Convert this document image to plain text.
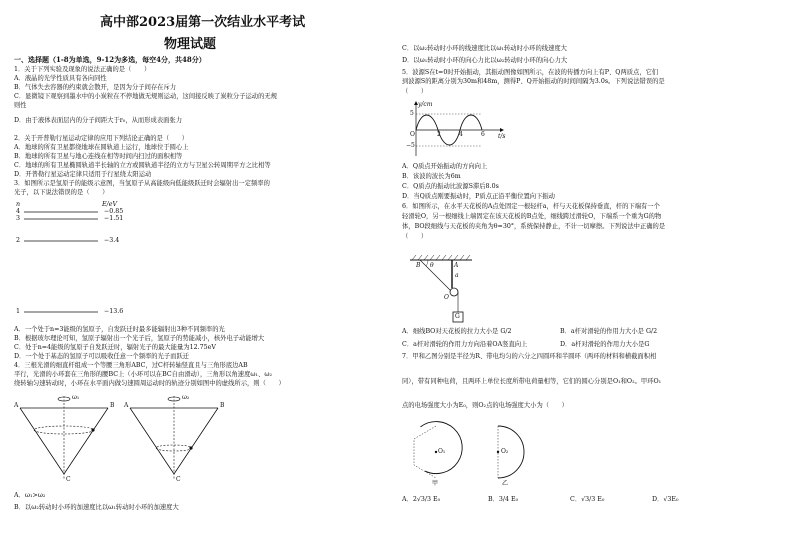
高中部2023届第一次结业水平考试
物理试题
一、选择题（1-8为单选，9-12为多选，每空4分，共48分）
1．关于下列实验及现象的说法正确的是（　　）
A．液晶的光学性质具有各向同性
B．气体失去容器的约束就会散开，是因为分子间存在斥力
C．显微镜下观察到墨水中的小炭粒在不停地做无规则运动，这间接反映了炭粒分子运动的无规
则性
D．由于液体表面层内的分子间距大于r₀，从而形成表面张力
2．关于开普勒行星运动定律的应用下列结论正确的是（　　）
A．地球的所有卫星都绕地球在圆轨道上运行，地球位于圆心上
B．地球的所有卫星与地心连线在相等时间内扫过的面积相等
C．地球的所有卫星椭圆轨道半长轴的立方或圆轨道半径的立方与卫星公转周期平方之比相等
D．开普勒行星运动定律只适用于行星绕太阳运动
3．如图所示是氢原子的能级示意图，当氢原子从高能级向低能级跃迁时会辐射出一定频率的
光子，以下说法错误的是（　　）
n	E/eV
4	−0.85
3	−1.51
2	−3.4
1	−13.6
A．一个处于n=3能级的氢原子，自发跃迁时最多能辐射出3种不同频率的光
B．根据玻尔理论可知，氢原子辐射出一个光子后，氢原子的势能减小，核外电子动能增大
C．处于n=4能级的氢原子自发跃迁时，辐射光子的最大能量为12.75eV
D．一个处于基态的氢原子可以吸收任意一个频率的光子而跃迁
4．三根光滑的细直杆组成一个等腰三角形ABC，过C杆转轴竖直且与三角形底边AB
平行，光滑的小环套在三角形的腰BC上（小环可以在BC自由滑动），三角形以角速度ω₁、ω₂
绕转轴匀速转动时，小环在水平面内做匀速圆周运动时的轨迹分别如图中的虚线所示，则（　　）
A	B
C
ω₁
A	B
C
ω₂
A．ω₁>ω₂
B．以ω₂转动时小环的加速度比以ω₁转动时小环的加速度大
C．以ω₂转动时小环的线速度比以ω₁转动时小环的线速度大
D．以ω₁转动时小环的向心力比以ω₂转动时小环的向心力大
5．波源S在t=0时开始振动，其振动图像如图所示，在波的传播方向上有P、Q两质点，它们
到波源S的距离分别为30m和48m，测得P、Q开始振动的时间间隔为3.0s。下列说法错误的是
（　　）
y/cm
t/s
5
−5
O	2	4	6
A．Q质点开始振动的方向向上
B．该波的波长为6m
C．Q质点的振动比波源S滞后8.0s
D．当Q质点刚要振动时，P质点正沿平衡位置向下振动
6．如图所示，在水平天花板的A点处固定一根轻杆a，杆与天花板保持垂直，杆的下端有一个
轻滑轮O，另一根细线上端固定在该天花板的B点处，细线跨过滑轮O，下端系一个重为G的物
体，BO段细线与天花板的夹角为θ=30°，系统保持静止，不计一切摩擦。下列说法中正确的是
（　　）
B	A
θ
a
O
G
A．细线BO对天花板的拉力大小是 G/2	B．a杆对滑轮的作用力大小是 G/2
C．a杆对滑轮的作用力方向沿着OA竖直向上	D．a杆对滑轮的作用力大小是G
7．甲和乙图分别是半径为R、带电均匀的六分之四圆环和半圆环（两环的材料和横截面积相
同），带有同种电荷，且两环上单位长度所带电荷量相等，它们的圆心分别是O₁和O₂。甲环O₁
点的电场强度大小为E₀，则O₂点的电场强度大小为（　　）
O₁
甲
O₂
乙
A．2√3/3 E₀	B．3/4 E₀	C．√3/3 E₀	D．√3E₀
